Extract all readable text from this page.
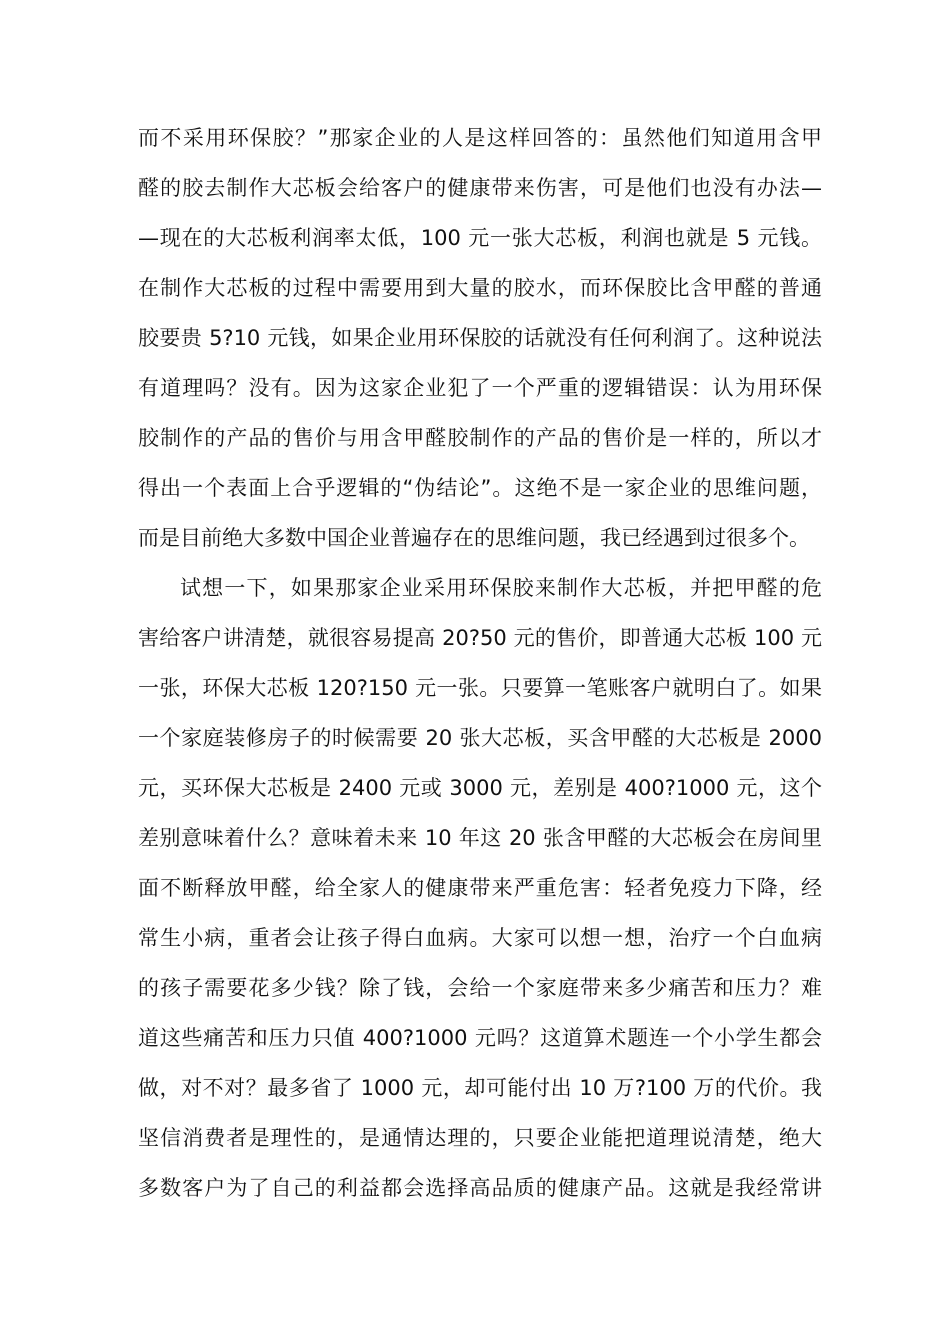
而不采用环保胶？”那家企业的人是这样回答的：虽然他们知道用含甲
醛的胶去制作大芯板会给客户的健康带来伤害，可是他们也没有办法—
—现在的大芯板利润率太低，100 元一张大芯板，利润也就是 5 元钱。
在制作大芯板的过程中需要用到大量的胶水，而环保胶比含甲醛的普通
胶要贵 5?10 元钱，如果企业用环保胶的话就没有任何利润了。这种说法
有道理吗？没有。因为这家企业犯了一个严重的逻辑错误：认为用环保
胶制作的产品的售价与用含甲醛胶制作的产品的售价是一样的，所以才
得出一个表面上合乎逻辑的“伪结论”。这绝不是一家企业的思维问题，
而是目前绝大多数中国企业普遍存在的思维问题，我已经遇到过很多个。
试想一下，如果那家企业采用环保胶来制作大芯板，并把甲醛的危
害给客户讲清楚，就很容易提高 20?50 元的售价，即普通大芯板 100 元
一张，环保大芯板 120?150 元一张。只要算一笔账客户就明白了。如果
一个家庭装修房子的时候需要 20 张大芯板，买含甲醛的大芯板是 2000
元，买环保大芯板是 2400 元或 3000 元，差别是 400?1000 元，这个
差别意味着什么？意味着未来 10 年这 20 张含甲醛的大芯板会在房间里
面不断释放甲醛，给全家人的健康带来严重危害：轻者免疫力下降，经
常生小病，重者会让孩子得白血病。大家可以想一想，治疗一个白血病
的孩子需要花多少钱？除了钱，会给一个家庭带来多少痛苦和压力？难
道这些痛苦和压力只值 400?1000 元吗？这道算术题连一个小学生都会
做，对不对？最多省了 1000 元，却可能付出 10 万?100 万的代价。我
坚信消费者是理性的，是通情达理的，只要企业能把道理说清楚，绝大
多数客户为了自己的利益都会选择高品质的健康产品。这就是我经常讲
